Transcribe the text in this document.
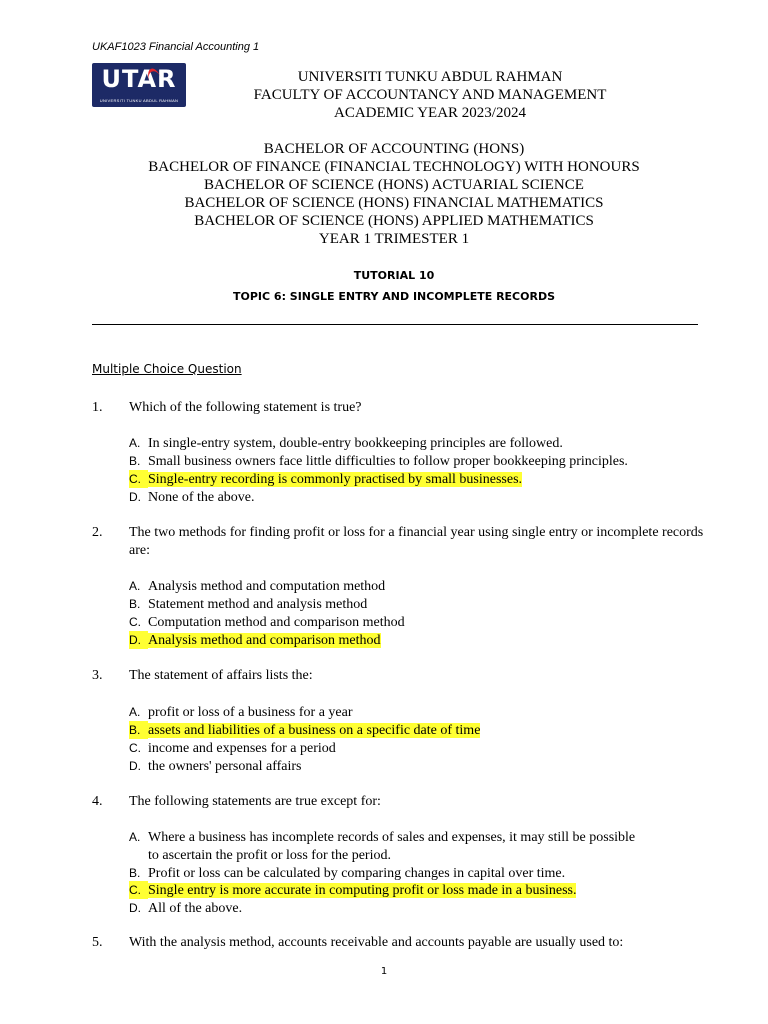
UKAF1023 Financial Accounting 1
UTAR
UNIVERSITI TUNKU ABDUL RAHMAN
UNIVERSITI TUNKU ABDUL RAHMAN
FACULTY OF ACCOUNTANCY AND MANAGEMENT
ACADEMIC YEAR 2023/2024
BACHELOR OF ACCOUNTING (HONS)
BACHELOR OF FINANCE (FINANCIAL TECHNOLOGY) WITH HONOURS
BACHELOR OF SCIENCE (HONS) ACTUARIAL SCIENCE
BACHELOR OF SCIENCE (HONS) FINANCIAL MATHEMATICS
BACHELOR OF SCIENCE (HONS) APPLIED MATHEMATICS
YEAR 1 TRIMESTER 1
TUTORIAL 10
TOPIC 6: SINGLE ENTRY AND INCOMPLETE RECORDS
Multiple Choice Question
1. Which of the following statement is true?
A. In single-entry system, double-entry bookkeeping principles are followed.
B. Small business owners face little difficulties to follow proper bookkeeping principles.
C. Single-entry recording is commonly practised by small businesses.
D. None of the above.
2. The two methods for finding profit or loss for a financial year using single entry or incomplete records are:
A. Analysis method and computation method
B. Statement method and analysis method
C. Computation method and comparison method
D. Analysis method and comparison method
3. The statement of affairs lists the:
A. profit or loss of a business for a year
B. assets and liabilities of a business on a specific date of time
C. income and expenses for a period
D. the owners' personal affairs
4. The following statements are true except for:
A. Where a business has incomplete records of sales and expenses, it may still be possible
to ascertain the profit or loss for the period.
B. Profit or loss can be calculated by comparing changes in capital over time.
C. Single entry is more accurate in computing profit or loss made in a business.
D. All of the above.
5. With the analysis method, accounts receivable and accounts payable are usually used to:
1
